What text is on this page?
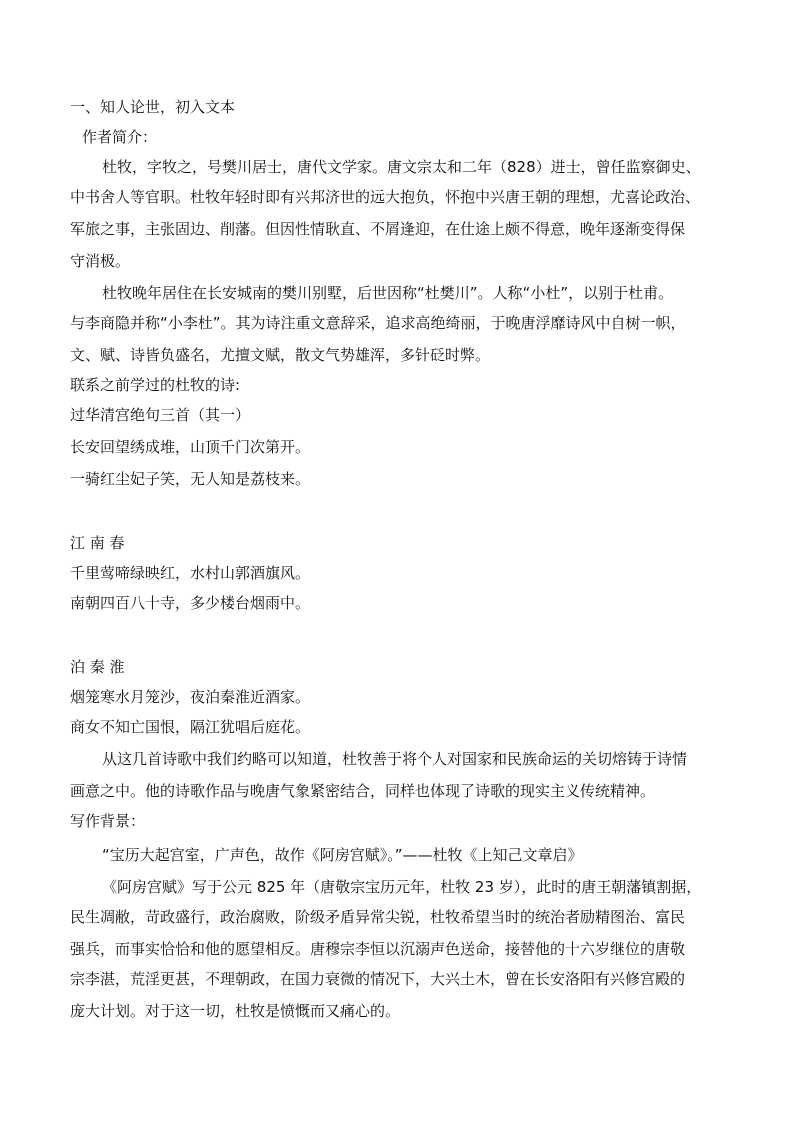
一、知人论世，初入文本
作者简介：
杜牧，字牧之，号樊川居士，唐代文学家。唐文宗太和二年（828）进士，曾任监察御史、
中书舍人等官职。杜牧年轻时即有兴邦济世的远大抱负，怀抱中兴唐王朝的理想，尤喜论政治、
军旅之事，主张固边、削藩。但因性情耿直、不屑逢迎，在仕途上颇不得意，晚年逐渐变得保
守消极。
杜牧晚年居住在长安城南的樊川别墅，后世因称“杜樊川”。人称“小杜”，以别于杜甫。
与李商隐并称“小李杜”。其为诗注重文意辞采，追求高绝绮丽，于晚唐浮靡诗风中自树一帜，
文、赋、诗皆负盛名，尤擅文赋，散文气势雄浑，多针砭时弊。
联系之前学过的杜牧的诗:
过华清宫绝句三首（其一）
长安回望绣成堆，山顶千门次第开。
一骑红尘妃子笑，无人知是荔枝来。
江 南 春
千里莺啼绿映红，水村山郭酒旗风。
南朝四百八十寺，多少楼台烟雨中。
泊 秦 淮
烟笼寒水月笼沙，夜泊秦淮近酒家。
商女不知亡国恨，隔江犹唱后庭花。
从这几首诗歌中我们约略可以知道，杜牧善于将个人对国家和民族命运的关切熔铸于诗情
画意之中。他的诗歌作品与晚唐气象紧密结合，同样也体现了诗歌的现实主义传统精神。
写作背景：
“宝历大起宫室，广声色，故作《阿房宫赋》。”——杜牧《上知己文章启》
《阿房宫赋》写于公元 825 年（唐敬宗宝历元年，杜牧 23 岁），此时的唐王朝藩镇割据，
民生凋敝，苛政盛行，政治腐败，阶级矛盾异常尖锐，杜牧希望当时的统治者励精图治、富民
强兵，而事实恰恰和他的愿望相反。唐穆宗李恒以沉溺声色送命，接替他的十六岁继位的唐敬
宗李湛，荒淫更甚，不理朝政，在国力衰微的情况下，大兴土木，曾在长安洛阳有兴修宫殿的
庞大计划。对于这一切，杜牧是愤慨而又痛心的。
